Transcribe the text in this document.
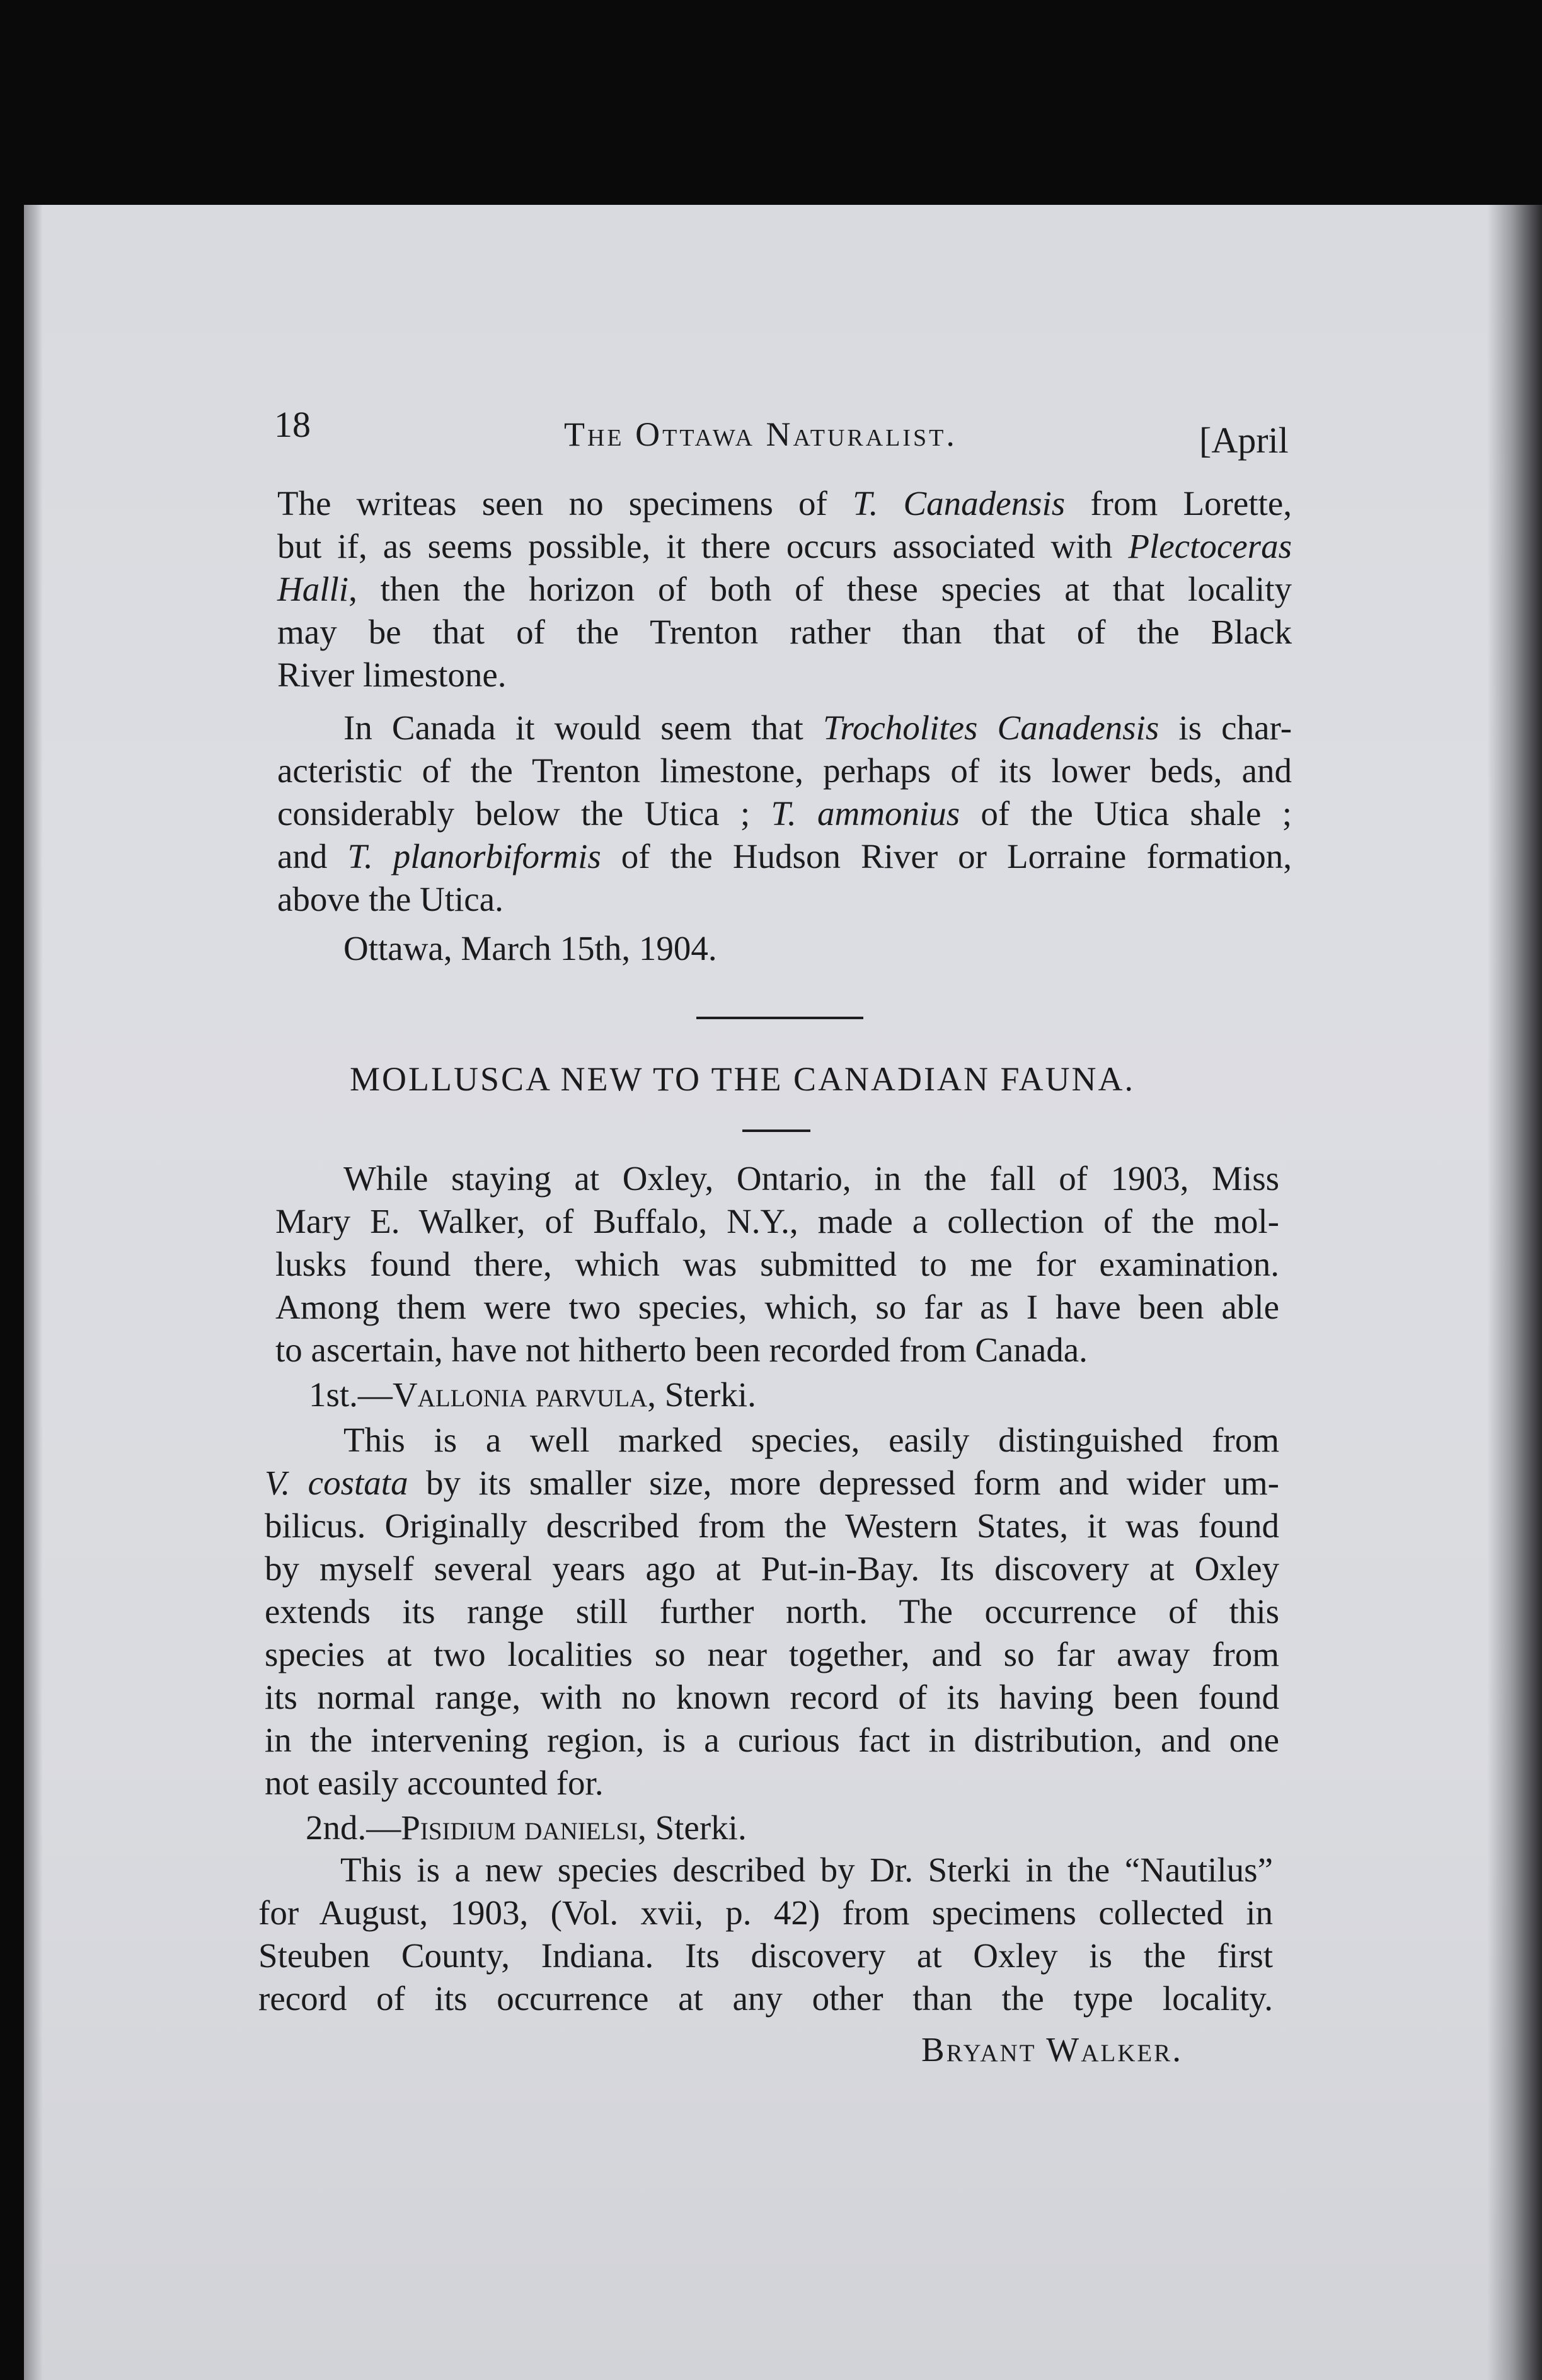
18	The Ottawa Naturalist.	[April
The writeas seen no specimens of T. Canadensis from Lorette,
but if, as seems possible, it there occurs associated with Plectoceras
Halli, then the horizon of both of these species at that locality
may be that of the Trenton rather than that of the Black
River limestone.
In Canada it would seem that Trocholites Canadensis is char-
acteristic of the Trenton limestone, perhaps of its lower beds, and
considerably below the Utica ; T. ammonius of the Utica shale ;
and T. planorbiformis of the Hudson River or Lorraine formation,
above the Utica.
Ottawa, March 15th, 1904.
MOLLUSCA NEW TO THE CANADIAN FAUNA.
While staying at Oxley, Ontario, in the fall of 1903, Miss
Mary E. Walker, of Buffalo, N.Y., made a collection of the mol-
lusks found there, which was submitted to me for examination.
Among them were two species, which, so far as I have been able
to ascertain, have not hitherto been recorded from Canada.
1st.—Vallonia parvula, Sterki.
This is a well marked species, easily distinguished from
V. costata by its smaller size, more depressed form and wider um-
bilicus. Originally described from the Western States, it was found
by myself several years ago at Put-in-Bay. Its discovery at Oxley
extends its range still further north. The occurrence of this
species at two localities so near together, and so far away from
its normal range, with no known record of its having been found
in the intervening region, is a curious fact in distribution, and one
not easily accounted for.
2nd.—Pisidium danielsi, Sterki.
This is a new species described by Dr. Sterki in the “Nautilus”
for August, 1903, (Vol. xvii, p. 42) from specimens collected in
Steuben County, Indiana. Its discovery at Oxley is the first
record of its occurrence at any other than the type locality.
Bryant Walker.
